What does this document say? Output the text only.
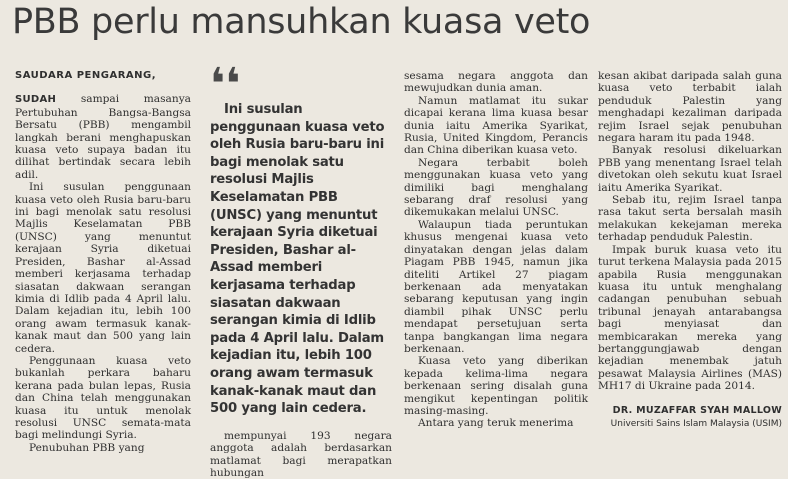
PBB perlu mansuhkan kuasa veto
SAUDARA PENGARANG,

SUDAH sampai masanya Pertubuhan Bangsa-Bangsa Bersatu (PBB) mengambil langkah berani menghapuskan kuasa veto supaya badan itu dilihat bertindak secara lebih adil.

Ini susulan penggunaan kuasa veto oleh Rusia baru-baru ini bagi menolak satu resolusi Majlis Keselamatan PBB (UNSC) yang menuntut kerajaan Syria diketuai Presiden, Bashar al-Assad memberi kerjasama terhadap siasatan dakwaan serangan kimia di Idlib pada 4 April lalu. Dalam kejadian itu, lebih 100 orang awam termasuk kanak-kanak maut dan 500 yang lain cedera.

Penggunaan kuasa veto bukanlah perkara baharu kerana pada bulan lepas, Rusia dan China telah menggunakan kuasa itu untuk menolak resolusi UNSC semata-mata bagi melindungi Syria.

Penubuhan PBB yang

❛❛

Ini susulan penggunaan kuasa veto oleh Rusia baru-baru ini bagi menolak satu resolusi Majlis Keselamatan PBB (UNSC) yang menuntut kerajaan Syria diketuai Presiden, Bashar al-Assad memberi kerjasama terhadap siasatan dakwaan serangan kimia di Idlib pada 4 April lalu. Dalam kejadian itu, lebih 100 orang awam termasuk kanak-kanak maut dan 500 yang lain cedera.

mempunyai 193 negara anggota adalah berdasarkan matlamat bagi merapatkan hubungan

sesama negara anggota dan mewujudkan dunia aman.

Namun matlamat itu sukar dicapai kerana lima kuasa besar dunia iaitu Amerika Syarikat, Rusia, United Kingdom, Perancis dan China diberikan kuasa veto.

Negara terbabit boleh menggunakan kuasa veto yang dimiliki bagi menghalang sebarang draf resolusi yang dikemukakan melalui UNSC.

Walaupun tiada peruntukan khusus mengenai kuasa veto dinyatakan dengan jelas dalam Piagam PBB 1945, namun jika diteliti Artikel 27 piagam berkenaan ada menyatakan sebarang keputusan yang ingin diambil pihak UNSC perlu mendapat persetujuan serta tanpa bangkangan lima negara berkenaan.

Kuasa veto yang diberikan kepada kelima-lima negara berkenaan sering disalah guna mengikut kepentingan politik masing-masing.

Antara yang teruk menerima

kesan akibat daripada salah guna kuasa veto terbabit ialah penduduk Palestin yang menghadapi kezaliman daripada rejim Israel sejak penubuhan negara haram itu pada 1948.

Banyak resolusi dikeluarkan PBB yang menentang Israel telah divetokan oleh sekutu kuat Israel iaitu Amerika Syarikat.

Sebab itu, rejim Israel tanpa rasa takut serta bersalah masih melakukan kekejaman mereka terhadap penduduk Palestin.

Impak buruk kuasa veto itu turut terkena Malaysia pada 2015 apabila Rusia menggunakan kuasa itu untuk menghalang cadangan penubuhan sebuah tribunal jenayah antarabangsa bagi menyiasat dan membicarakan mereka yang bertanggungjawab dengan kejadian menembak jatuh pesawat Malaysia Airlines (MAS) MH17 di Ukraine pada 2014.

DR. MUZAFFAR SYAH MALLOW
Universiti Sains Islam Malaysia (USIM)
